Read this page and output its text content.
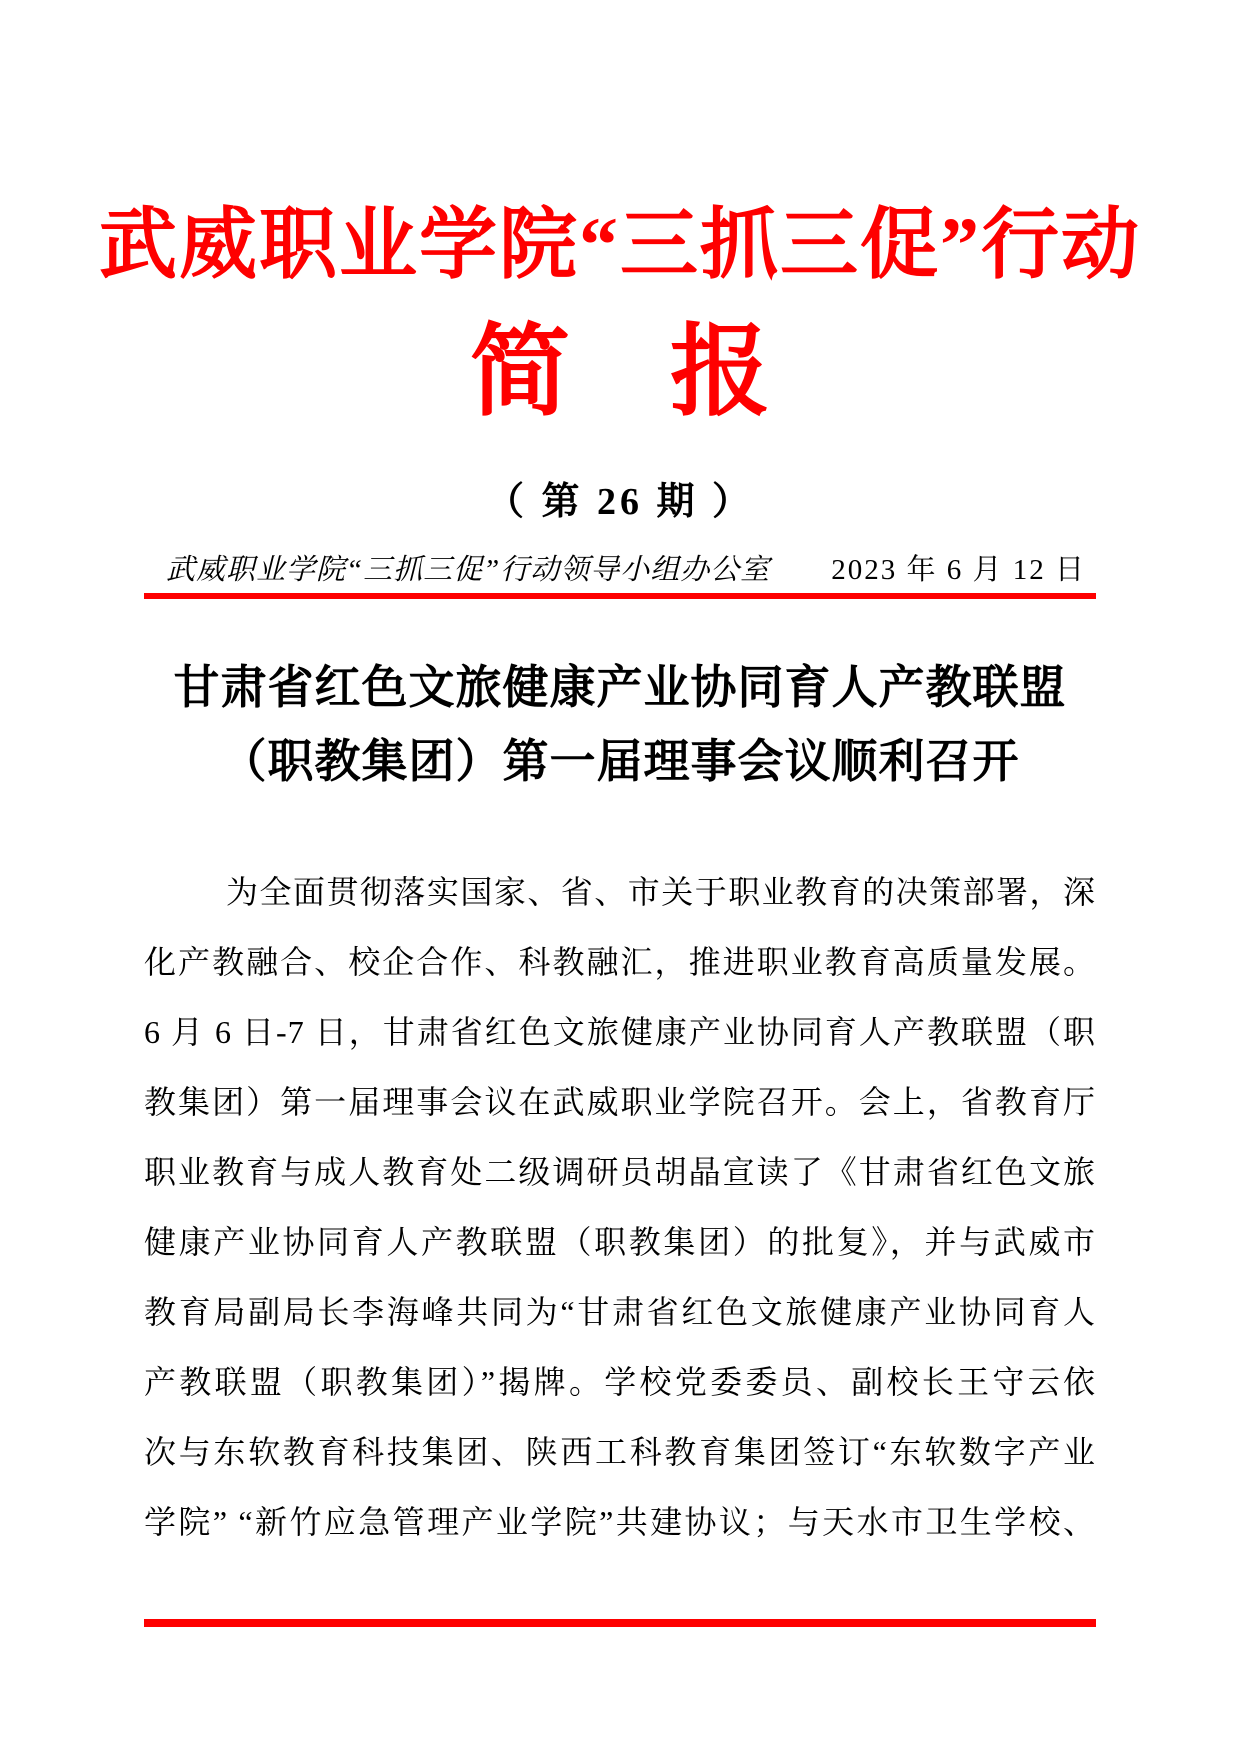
武威职业学院“三抓三促”行动
简　报
（ 第 26 期 ）
武威职业学院“三抓三促”行动领导小组办公室 2023 年 6 月 12 日
甘肃省红色文旅健康产业协同育人产教联盟
（职教集团）第一届理事会议顺利召开
为全面贯彻落实国家、省、市关于职业教育的决策部署，深
化产教融合、校企合作、科教融汇，推进职业教育高质量发展。
6 月 6 日-7 日，甘肃省红色文旅健康产业协同育人产教联盟（职
教集团）第一届理事会议在武威职业学院召开。会上，省教育厅
职业教育与成人教育处二级调研员胡晶宣读了《甘肃省红色文旅
健康产业协同育人产教联盟（职教集团）的批复》，并与武威市
教育局副局长李海峰共同为“甘肃省红色文旅健康产业协同育人
产教联盟（职教集团）”揭牌。学校党委委员、副校长王守云依
次与东软教育科技集团、陕西工科教育集团签订“东软数字产业
学院” “新竹应急管理产业学院”共建协议；与天水市卫生学校、
